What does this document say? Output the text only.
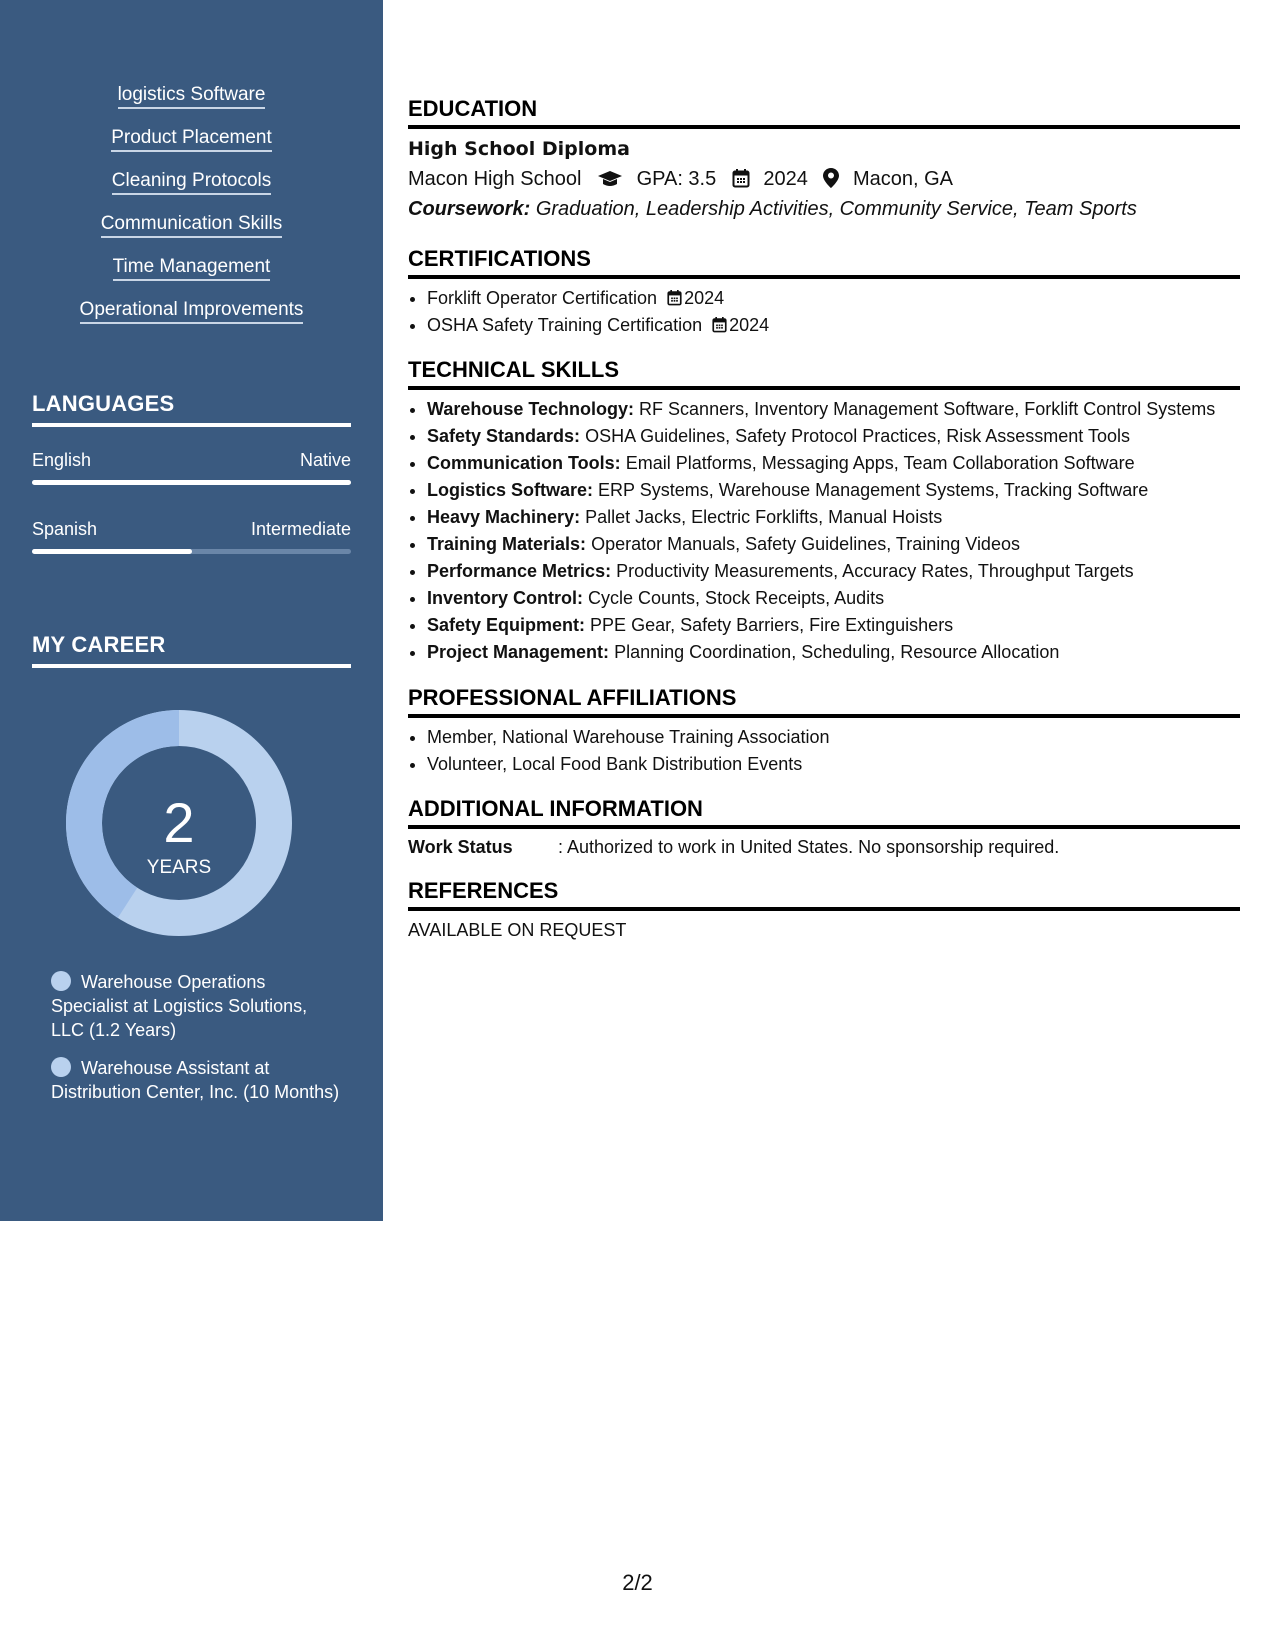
logistics Software
Product Placement
Cleaning Protocols
Communication Skills
Time Management
Operational Improvements
LANGUAGES
English	Native
Spanish	Intermediate
MY CAREER
2
YEARS
Warehouse Operations Specialist at Logistics Solutions, LLC (1.2 Years)
Warehouse Assistant at Distribution Center, Inc. (10 Months)
EDUCATION
High School Diploma
Macon High School	GPA: 3.5 2024 Macon, GA
Coursework: Graduation, Leadership Activities, Community Service, Team Sports
CERTIFICATIONS
• Forklift Operator Certification 2024
• OSHA Safety Training Certification 2024
TECHNICAL SKILLS
• Warehouse Technology: RF Scanners, Inventory Management Software, Forklift Control Systems
• Safety Standards: OSHA Guidelines, Safety Protocol Practices, Risk Assessment Tools
• Communication Tools: Email Platforms, Messaging Apps, Team Collaboration Software
• Logistics Software: ERP Systems, Warehouse Management Systems, Tracking Software
• Heavy Machinery: Pallet Jacks, Electric Forklifts, Manual Hoists
• Training Materials: Operator Manuals, Safety Guidelines, Training Videos
• Performance Metrics: Productivity Measurements, Accuracy Rates, Throughput Targets
• Inventory Control: Cycle Counts, Stock Receipts, Audits
• Safety Equipment: PPE Gear, Safety Barriers, Fire Extinguishers
• Project Management: Planning Coordination, Scheduling, Resource Allocation
PROFESSIONAL AFFILIATIONS
• Member, National Warehouse Training Association
• Volunteer, Local Food Bank Distribution Events
ADDITIONAL INFORMATION
Work Status	: Authorized to work in United States. No sponsorship required.
REFERENCES
AVAILABLE ON REQUEST
2/2
